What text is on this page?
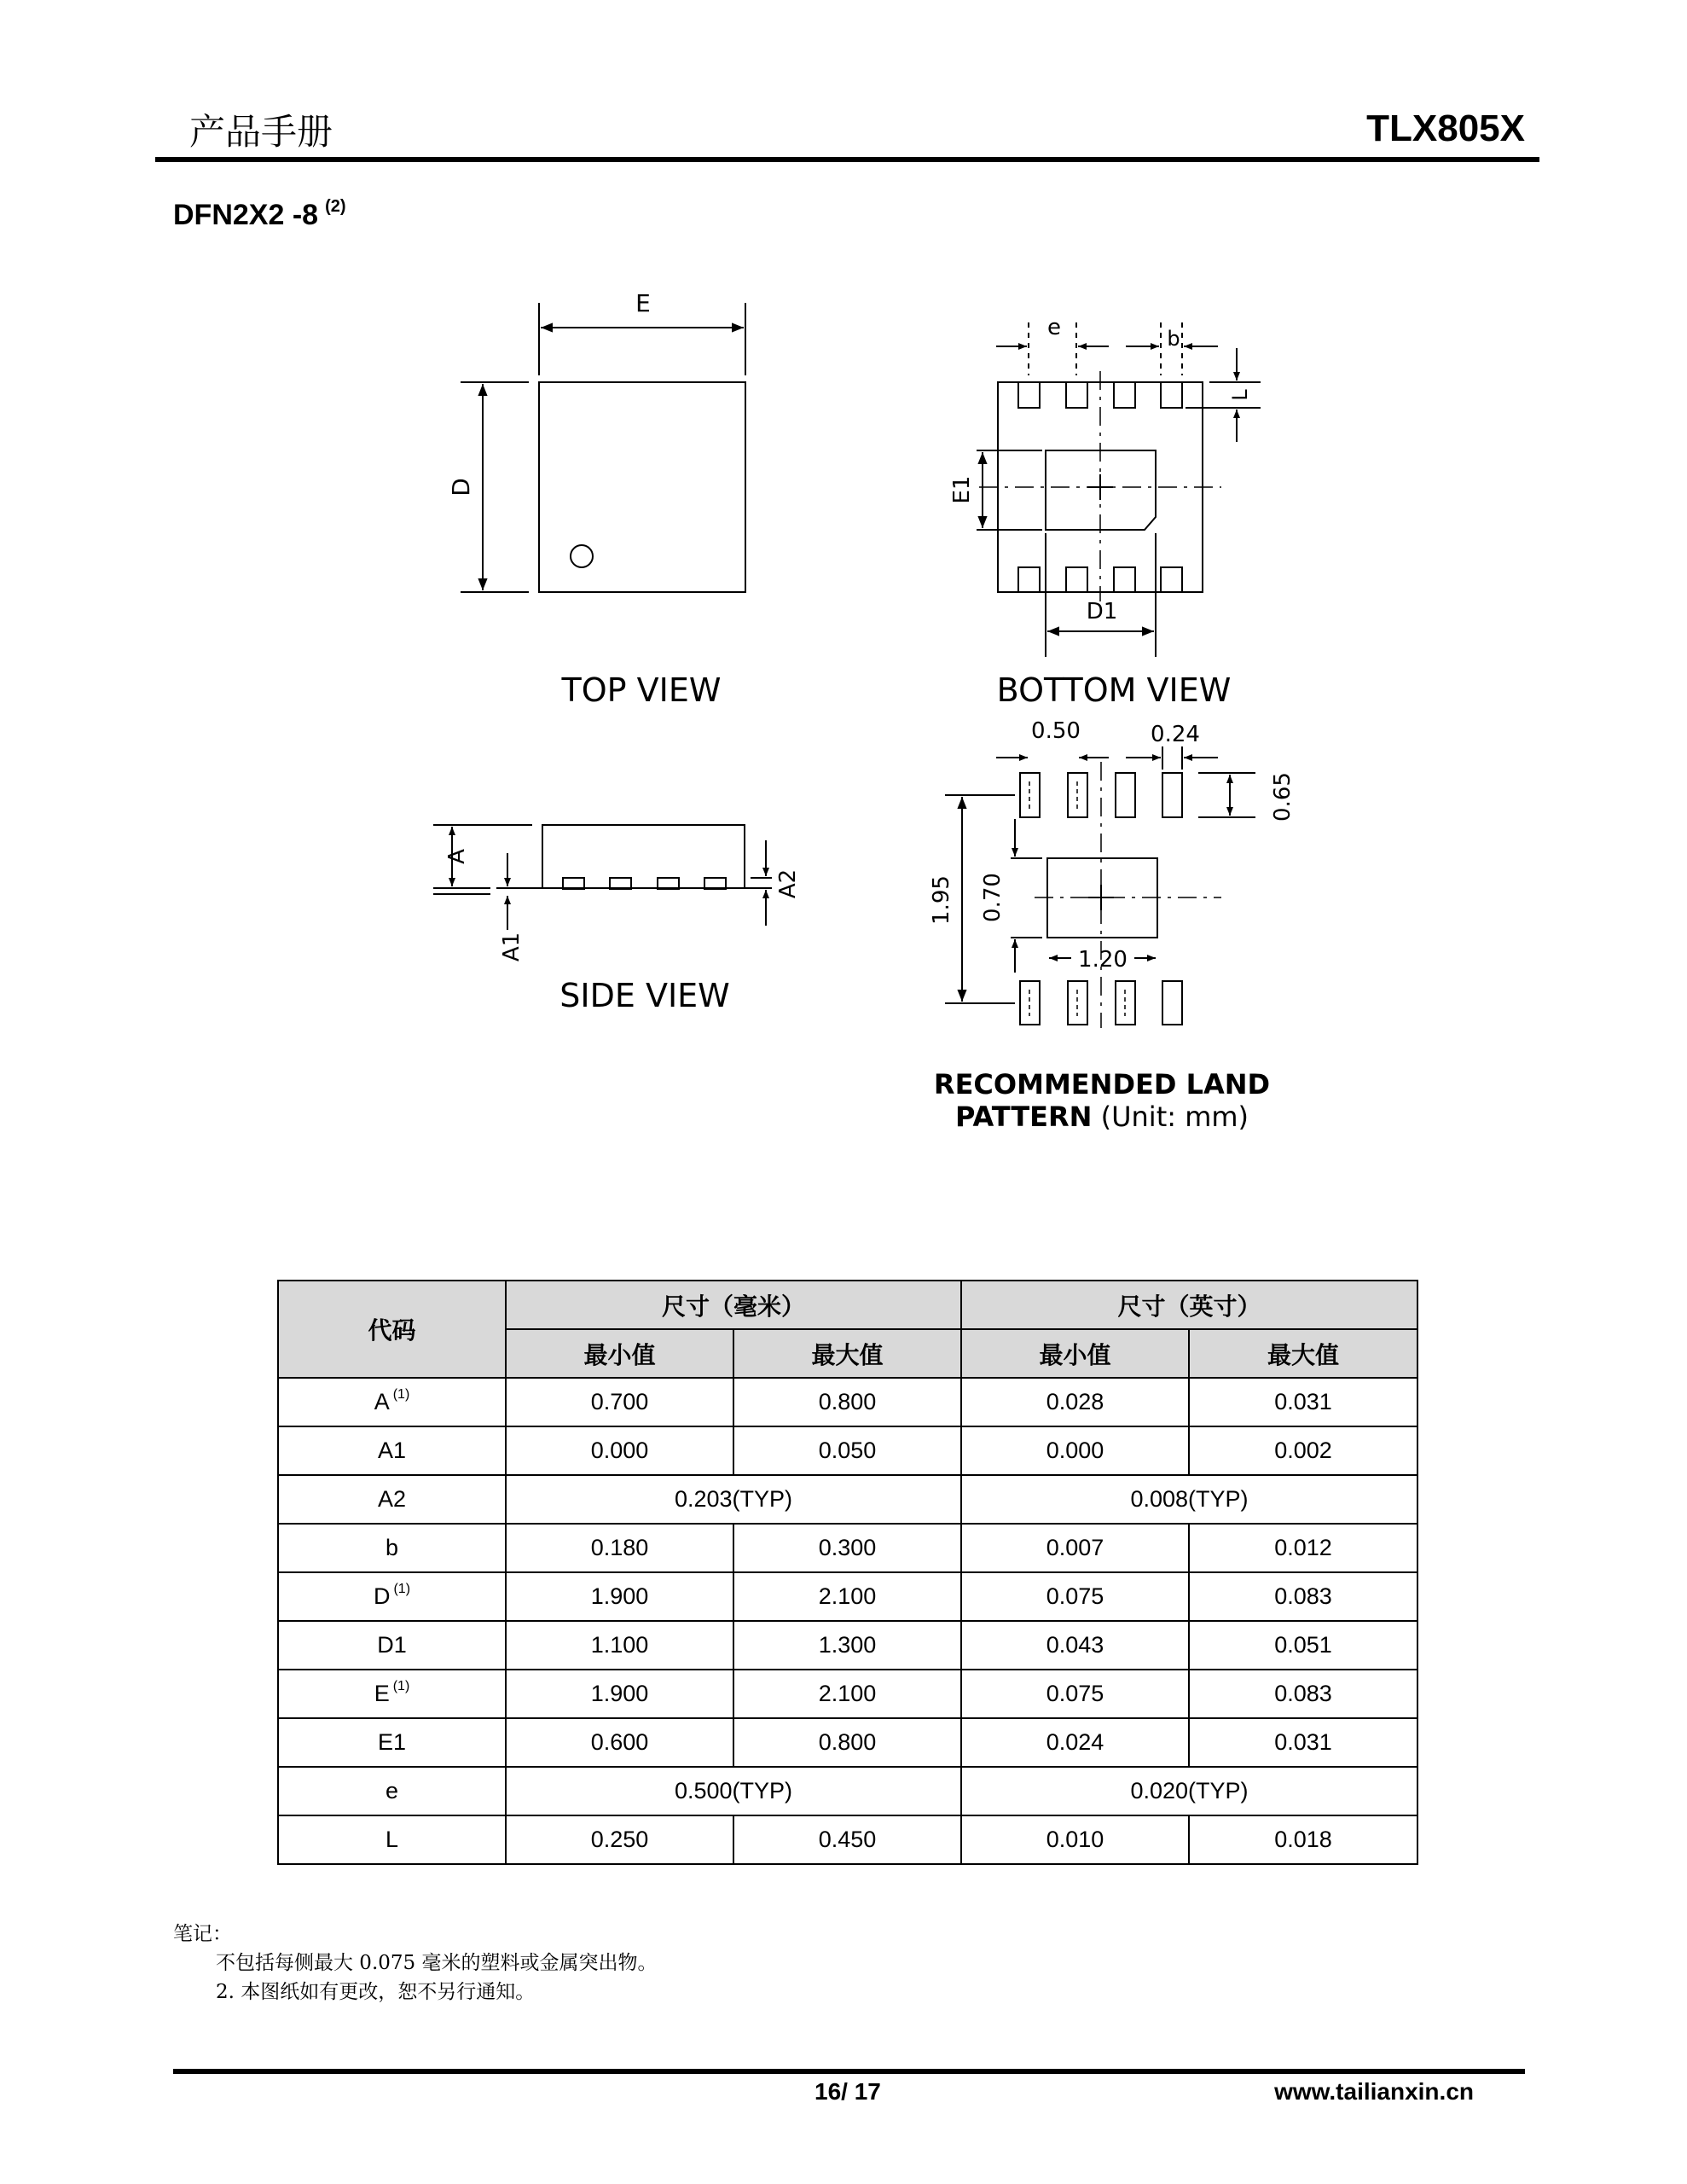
产品手册	TLX805X
DFN2X2 -8 $^{(2)}$
E
D
TOP VIEW
e	b
L
E1
D1
BOTTOM VIEW
A
A1
A2
SIDE VIEW
0.50	0.24
0.65
1.95 0.70
1.20
RECOMMENDED LAND
PATTERN (Unit: mm)
代码	尺寸（毫米）		尺寸（英寸）	
	最小值	最大值	最小值	最大值
A $^{(1)}$	0.700	0.800	0.028	0.031
A1	0.000	0.050	0.000	0.002
A2	0.203(TYP)		0.008(TYP)	
b	0.180	0.300	0.007	0.012
D $^{(1)}$	1.900	2.100	0.075	0.083
D1	1.100	1.300	0.043	0.051
E $^{(1)}$	1.900	2.100	0.075	0.083
E1	0.600	0.800	0.024	0.031
e	0.500(TYP)		0.020(TYP)	
L	0.250	0.450	0.010	0.018
笔记：
不包括每侧最大 0.075 毫米的塑料或金属突出物。
2. 本图纸如有更改，恕不另行通知。
16/ 17	www.tailianxin.cn
